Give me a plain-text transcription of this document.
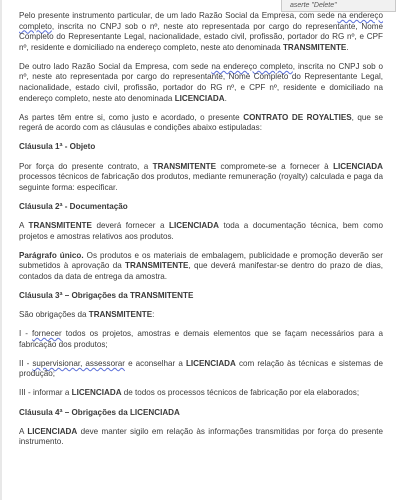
aserte "Delete"

Pelo presente instrumento particular, de um lado Razão Social da Empresa, com sede na endereço completo, inscrita no CNPJ sob o nº, neste ato representada por cargo do representante, Nome Completo do Representante Legal, nacionalidade, estado civil, profissão, portador do RG nº, e CPF nº, residente e domiciliado na endereço completo, neste ato denominada TRANSMITENTE.

De outro lado Razão Social da Empresa, com sede na endereço completo, inscrita no CNPJ sob o nº, neste ato representada por cargo do representante, Nome Completo do Representante Legal, nacionalidade, estado civil, profissão, portador do RG nº, e CPF nº, residente e domiciliado na endereço completo, neste ato denominada LICENCIADA.

As partes têm entre si, como justo e acordado, o presente CONTRATO DE ROYALTIES, que se regerá de acordo com as cláusulas e condições abaixo estipuladas:

Cláusula 1ª - Objeto

Por força do presente contrato, a TRANSMITENTE compromete-se a fornecer à LICENCIADA processos técnicos de fabricação dos produtos, mediante remuneração (royalty) calculada e paga da seguinte forma: especificar.

Cláusula 2ª - Documentação

A TRANSMITENTE deverá fornecer a LICENCIADA toda a documentação técnica, bem como projetos e amostras relativos aos produtos.

Parágrafo único. Os produtos e os materiais de embalagem, publicidade e promoção deverão ser submetidos à aprovação da TRANSMITENTE, que deverá manifestar-se dentro do prazo de dias, contados da data de entrega da amostra.

Cláusula 3ª – Obrigações da TRANSMITENTE

São obrigações da TRANSMITENTE:

I - fornecer todos os projetos, amostras e demais elementos que se façam necessários para a fabricação dos produtos;

II - supervisionar, assessorar e aconselhar a LICENCIADA com relação às técnicas e sistemas de produção;

III - informar a LICENCIADA de todos os processos técnicos de fabricação por ela elaborados;

Cláusula 4ª – Obrigações da LICENCIADA

A LICENCIADA deve manter sigilo em relação às informações transmitidas por força do presente instrumento.
